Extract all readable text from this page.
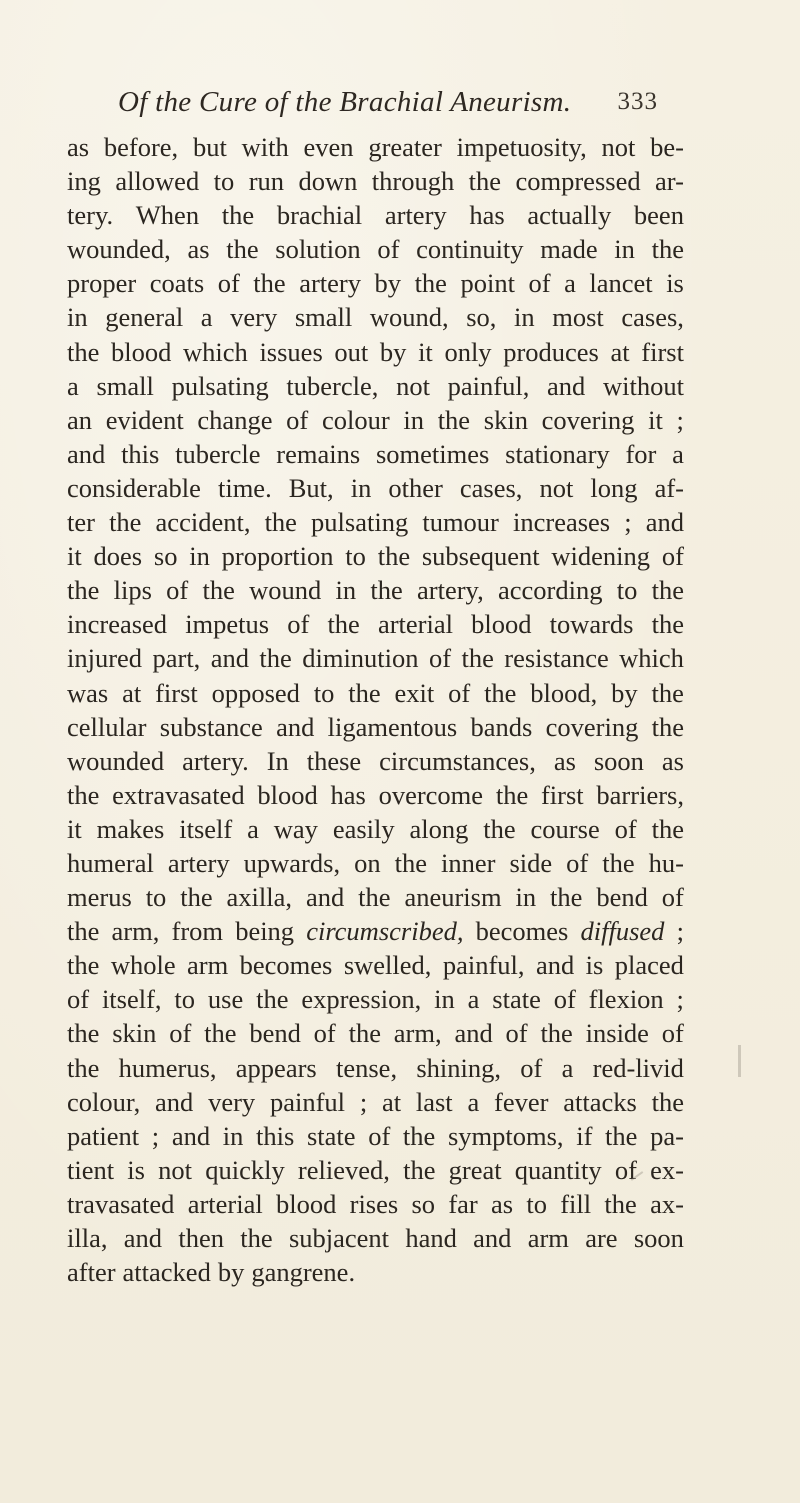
Of the Cure of the Brachial Aneurism. 333
as before, but with even greater impetuosity, not be-
ing allowed to run down through the compressed ar-
tery. When the brachial artery has actually been
wounded, as the solution of continuity made in the
proper coats of the artery by the point of a lancet is
in general a very small wound, so, in most cases,
the blood which issues out by it only produces at first
a small pulsating tubercle, not painful, and without
an evident change of colour in the skin covering it ;
and this tubercle remains sometimes stationary for a
considerable time. But, in other cases, not long af-
ter the accident, the pulsating tumour increases ; and
it does so in proportion to the subsequent widening of
the lips of the wound in the artery, according to the
increased impetus of the arterial blood towards the
injured part, and the diminution of the resistance which
was at first opposed to the exit of the blood, by the
cellular substance and ligamentous bands covering the
wounded artery. In these circumstances, as soon as
the extravasated blood has overcome the first barriers,
it makes itself a way easily along the course of the
humeral artery upwards, on the inner side of the hu-
merus to the axilla, and the aneurism in the bend of
the arm, from being circumscribed, becomes diffused ;
the whole arm becomes swelled, painful, and is placed
of itself, to use the expression, in a state of flexion ;
the skin of the bend of the arm, and of the inside of
the humerus, appears tense, shining, of a red-livid
colour, and very painful ; at last a fever attacks the
patient ; and in this state of the symptoms, if the pa-
tient is not quickly relieved, the great quantity of ex-
travasated arterial blood rises so far as to fill the ax-
illa, and then the subjacent hand and arm are soon
after attacked by gangrene.
